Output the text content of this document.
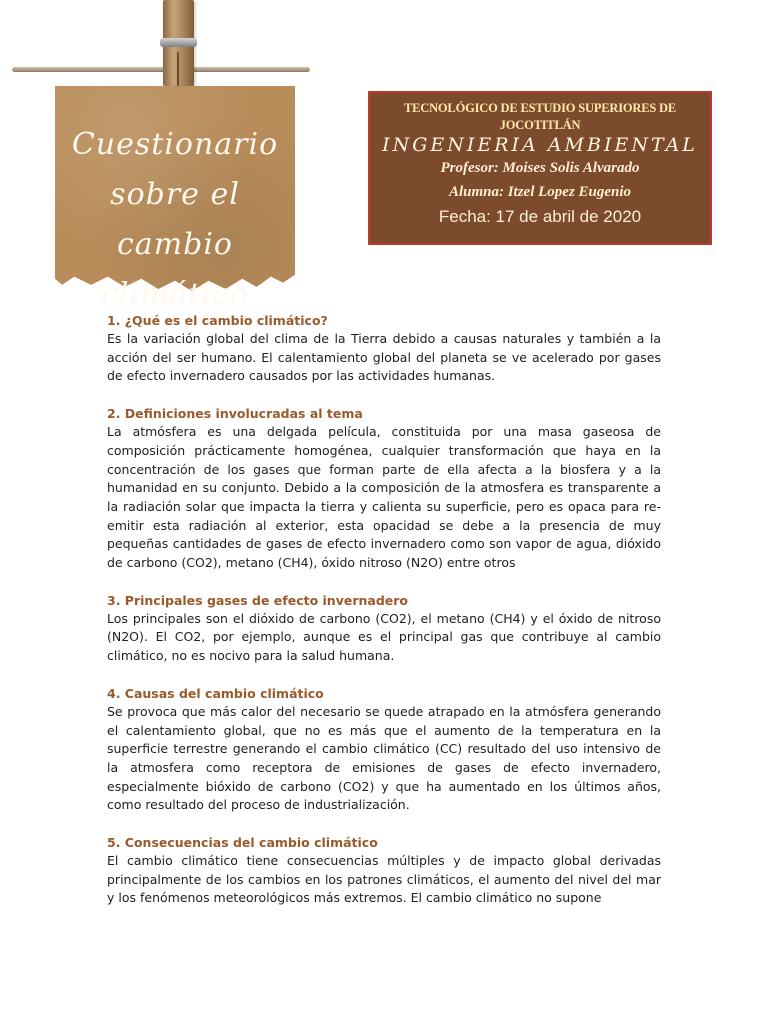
Cuestionario
sobre el cambio
climático
TECNOLÓGICO DE ESTUDIO SUPERIORES DE JOCOTITLÁN
INGENIERIA AMBIENTAL
Profesor: Moises Solis Alvarado
Alumna: Itzel Lopez Eugenio
Fecha: 17 de abril de 2020
1. ¿Qué es el cambio climático?

Es la variación global del clima de la Tierra debido a causas naturales y también a la acción del ser humano. El calentamiento global del planeta se ve acelerado por gases de efecto invernadero causados por las actividades humanas.

2. Definiciones involucradas al tema

La atmósfera es una delgada película, constituida por una masa gaseosa de composición prácticamente homogénea, cualquier transformación que haya en la concentración de los gases que forman parte de ella afecta a la biosfera y a la humanidad en su conjunto. Debido a la composición de la atmosfera es transparente a la radiación solar que impacta la tierra y calienta su superficie, pero es opaca para re-emitir esta radiación al exterior, esta opacidad se debe a la presencia de muy pequeñas cantidades de gases de efecto invernadero como son vapor de agua, dióxido de carbono (CO2), metano (CH4), óxido nitroso (N2O) entre otros

3. Principales gases de efecto invernadero

Los principales son el dióxido de carbono (CO2), el metano (CH4) y el óxido de nitroso (N2O). El CO2, por ejemplo, aunque es el principal gas que contribuye al cambio climático, no es nocivo para la salud humana.

4. Causas del cambio climático

Se provoca que más calor del necesario se quede atrapado en la atmósfera generando el calentamiento global, que no es más que el aumento de la temperatura en la superficie terrestre generando el cambio climático (CC) resultado del uso intensivo de la atmosfera como receptora de emisiones de gases de efecto invernadero, especialmente bióxido de carbono (CO2) y que ha aumentado en los últimos años, como resultado del proceso de industrialización.

5. Consecuencias del cambio climático

El cambio climático tiene consecuencias múltiples y de impacto global derivadas principalmente de los cambios en los patrones climáticos, el aumento del nivel del mar y los fenómenos meteorológicos más extremos. El cambio climático no supone
